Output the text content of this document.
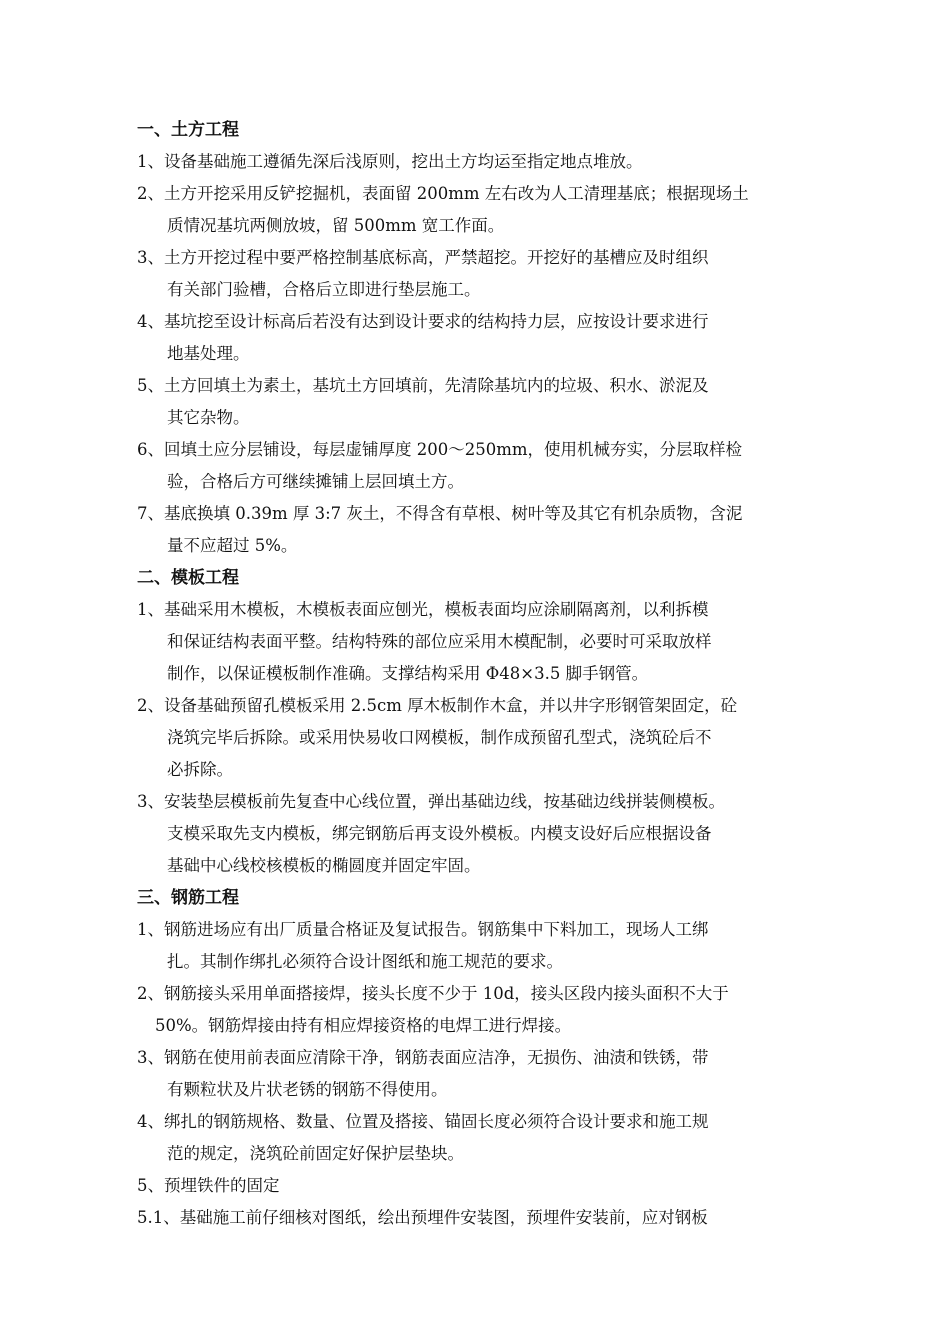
一、土方工程
1、设备基础施工遵循先深后浅原则，挖出土方均运至指定地点堆放。
2、土方开挖采用反铲挖掘机，表面留 200mm 左右改为人工清理基底；根据现场土
质情况基坑两侧放坡，留 500mm 宽工作面。
3、土方开挖过程中要严格控制基底标高，严禁超挖。开挖好的基槽应及时组织
有关部门验槽，合格后立即进行垫层施工。
4、基坑挖至设计标高后若没有达到设计要求的结构持力层，应按设计要求进行
地基处理。
5、土方回填土为素土，基坑土方回填前，先清除基坑内的垃圾、积水、淤泥及
其它杂物。
6、回填土应分层铺设，每层虚铺厚度 200～250mm，使用机械夯实，分层取样检
验，合格后方可继续摊铺上层回填土方。
7、基底换填 0.39m 厚 3:7 灰土，不得含有草根、树叶等及其它有机杂质物，含泥
量不应超过 5%。
二、模板工程
1、基础采用木模板，木模板表面应刨光，模板表面均应涂刷隔离剂，以利拆模
和保证结构表面平整。结构特殊的部位应采用木模配制，必要时可采取放样
制作，以保证模板制作准确。支撑结构采用 Φ48×3.5 脚手钢管。
2、设备基础预留孔模板采用 2.5cm 厚木板制作木盒，并以井字形钢管架固定，砼
浇筑完毕后拆除。或采用快易收口网模板，制作成预留孔型式，浇筑砼后不
必拆除。
3、安装垫层模板前先复查中心线位置，弹出基础边线，按基础边线拼装侧模板。
支模采取先支内模板，绑完钢筋后再支设外模板。内模支设好后应根据设备
基础中心线校核模板的椭圆度并固定牢固。
三、钢筋工程
1、钢筋进场应有出厂质量合格证及复试报告。钢筋集中下料加工，现场人工绑
扎。其制作绑扎必须符合设计图纸和施工规范的要求。
2、钢筋接头采用单面搭接焊，接头长度不少于 10d，接头区段内接头面积不大于
50%。钢筋焊接由持有相应焊接资格的电焊工进行焊接。
3、钢筋在使用前表面应清除干净，钢筋表面应洁净，无损伤、油渍和铁锈，带
有颗粒状及片状老锈的钢筋不得使用。
4、绑扎的钢筋规格、数量、位置及搭接、锚固长度必须符合设计要求和施工规
范的规定，浇筑砼前固定好保护层垫块。
5、预埋铁件的固定
5.1、基础施工前仔细核对图纸，绘出预埋件安装图，预埋件安装前，应对钢板
